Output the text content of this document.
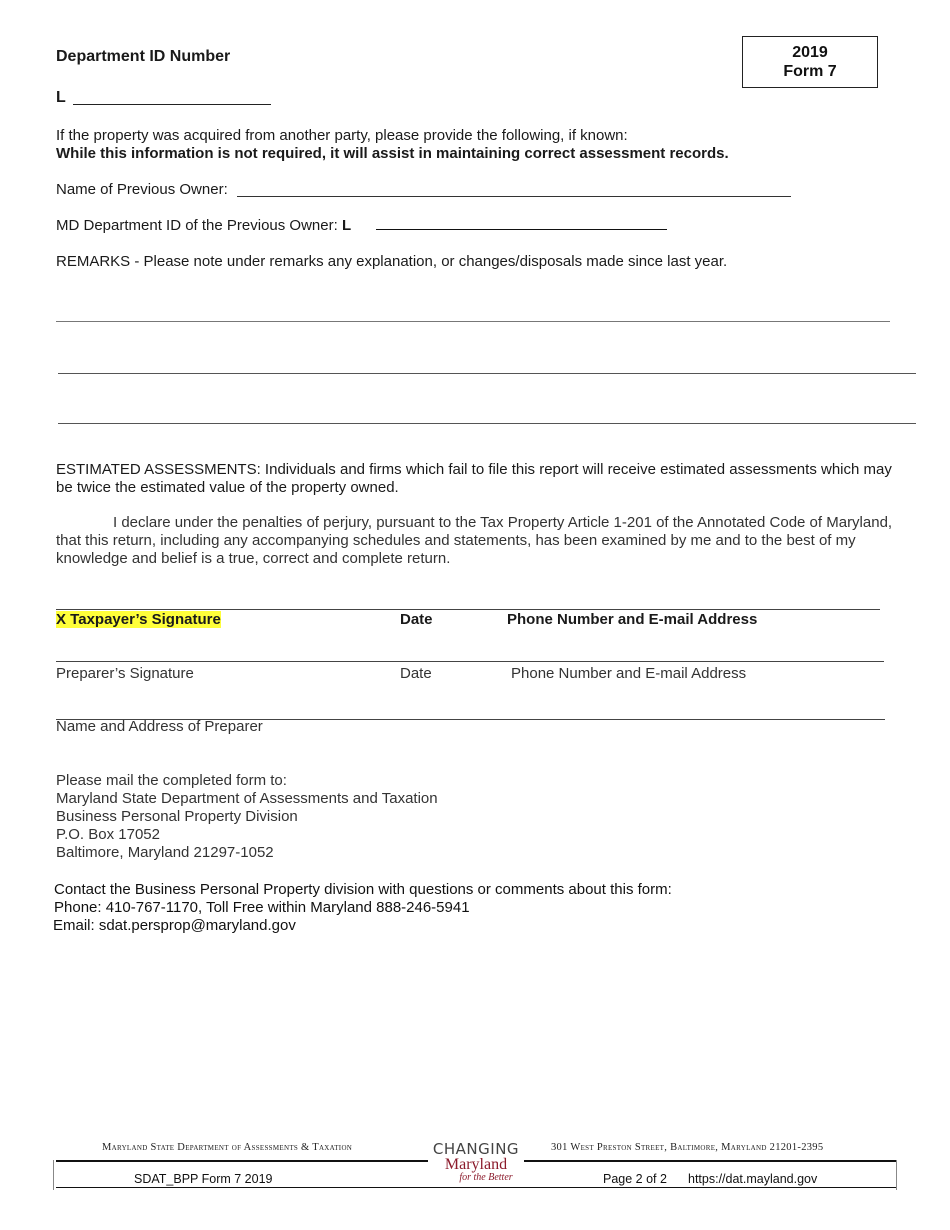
Department ID Number
L
2019
Form 7
If the property was acquired from another party, please provide the following, if known:
While this information is not required, it will assist in maintaining correct assessment records.
Name of Previous Owner:
MD Department ID of the Previous Owner: L
REMARKS - Please note under remarks any explanation, or changes/disposals made since last year.
ESTIMATED ASSESSMENTS: Individuals and firms which fail to file this report will receive estimated assessments which may be twice the estimated value of the property owned.
I declare under the penalties of perjury, pursuant to the Tax Property Article 1-201 of the Annotated Code of Maryland, that this return, including any accompanying schedules and statements, has been examined by me and to the best of my knowledge and belief is a true, correct and complete return.
X Taxpayer’s Signature	Date	Phone Number and E-mail Address
Preparer’s Signature	Date	Phone Number and E-mail Address
Name and Address of Preparer
Please mail the completed form to:
Maryland State Department of Assessments and Taxation
Business Personal Property Division
P.O. Box 17052
Baltimore, Maryland 21297-1052
Contact the Business Personal Property division with questions or comments about this form:
Phone: 410-767-1170, Toll Free within Maryland 888-246-5941
Email: sdat.persprop@maryland.gov
Maryland State Department of Assessments & Taxation	301 West Preston Street, Baltimore, Maryland 21201-2395
CHANGING
Maryland
for the Better
SDAT_BPP Form 7 2019	Page 2 of 2 https://dat.mayland.gov
